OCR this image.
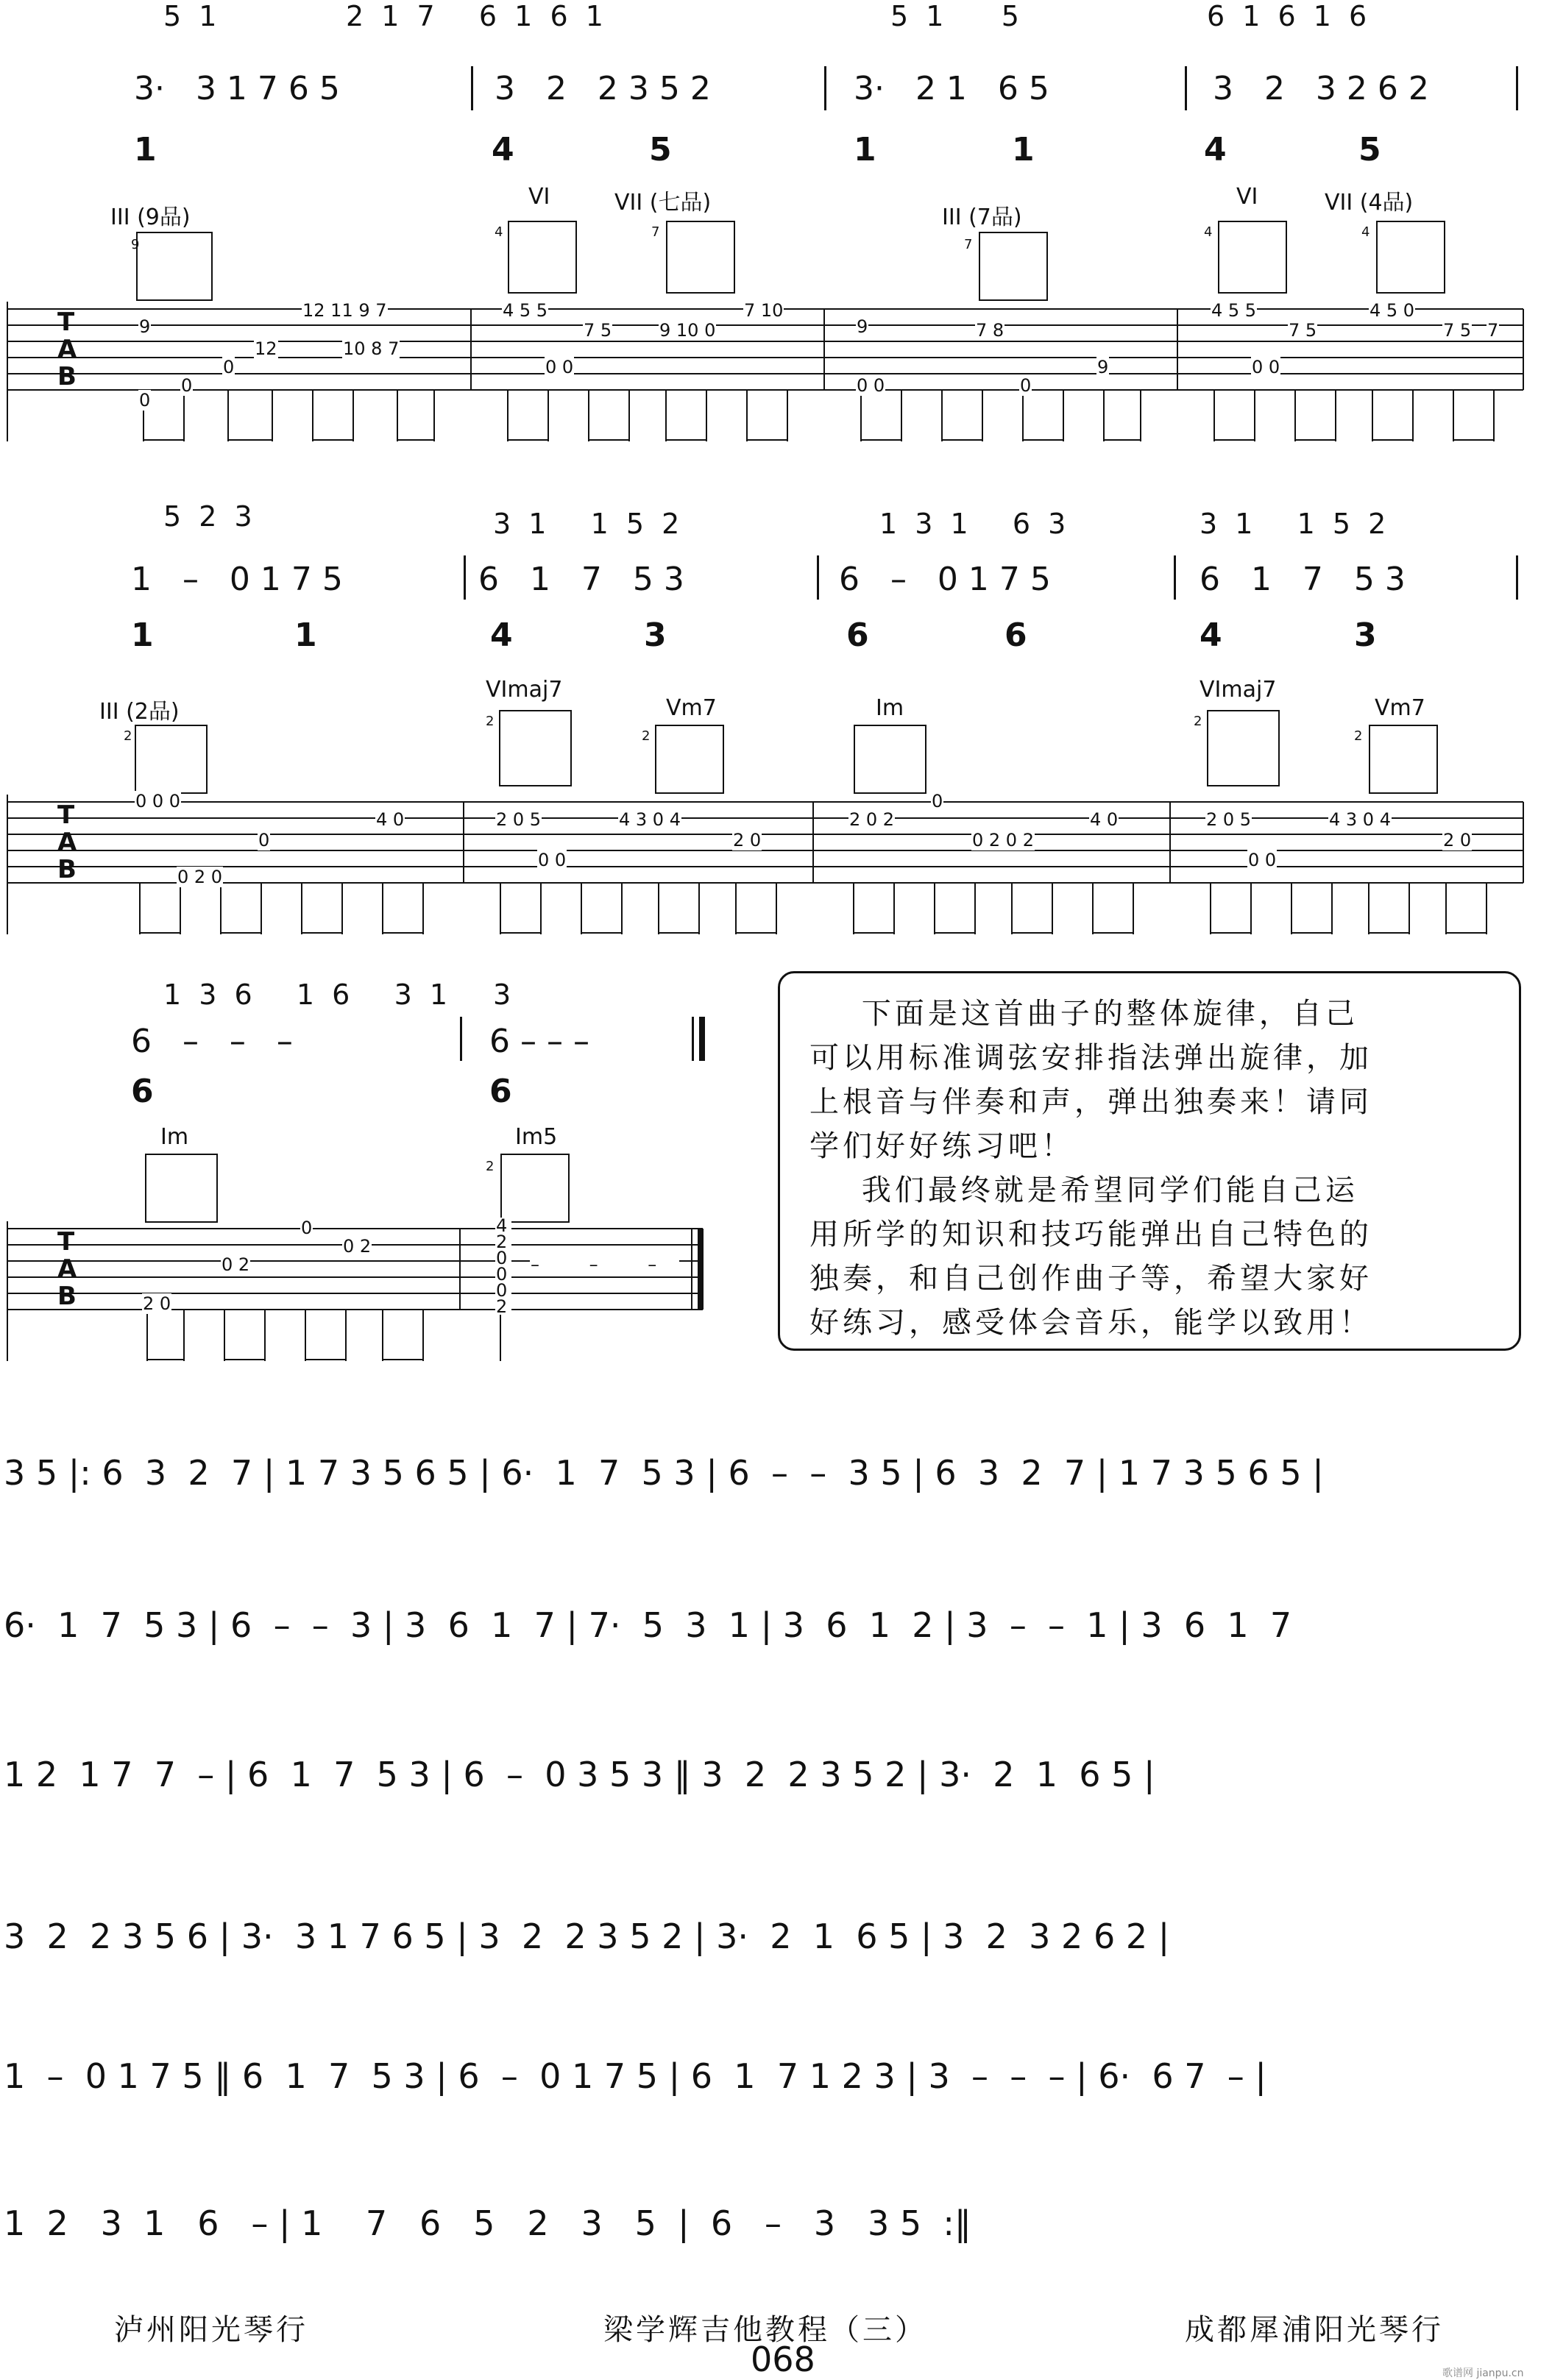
5 1	2 1 7   6 1 6 1	5 1    5	6 1 6 1 6
3·   3 1 7 6 5	3   2   2 3 5 2	3·   2 1   6 5	3   2   3 2 6 2
1	4	5	1	1	4	5
III (9品)
9
VI
4
VII (七品)
7
III (7品)
7
VI
4
VII (4品)
4
T
A
B
9
0
0
0
12
12 11 9 7
10 8 7
4 5 5
7 5
0 0
9 10 0
7 10
9
0 0
7 8
0
9
4 5 5
7 5
0 0
4 5 0
7 5 7
5 2 3	3 1   1 5 2	1 3 1   6 3	3 1   1 5 2
1   –   0 1 7 5	6   1   7   5 3	6   –   0 1 7 5	6   1   7   5 3
1	1	4	3	6	6	4	3
III (2品)
2
VImaj7
2
Vm7
2
Im
VImaj7
2
Vm7
2
T
A
B
0 0 0
0 2 0
0
4 0	2 0 5
0 0
4 3 0 4
2 0
2 0 2
0
0 2 0 2
4 0	2 0 5
0 0
4 3 0 4
2 0
1 3 6   1 6   3 1 3
6   –   –   –	6 – – –
6	6
Im	Im5
2
T
A
B	2 0
0 2
0 2
0	4 2 0 0 0 2
– – –

下面是这首曲子的整体旋律，自己

可以用标准调弦安排指法弹出旋律，加

上根音与伴奏和声，弹出独奏来！请同

学们好好练习吧！

我们最终就是希望同学们能自己运

用所学的知识和技巧能弹出自己特色的

独奏，和自己创作曲子等，希望大家好

好练习，感受体会音乐，能学以致用！

3 5 |: 6  3  2  7 | 1 7 3 5 6 5 | 6·  1  7  5 3 | 6  –  –  3 5 | 6  3  2  7 | 1 7 3 5 6 5 |
6·  1  7  5 3 | 6  –  –  3 | 3  6  1  7 | 7·  5  3  1 | 3  6  1  2 | 3  –  –  1 | 3  6  1  7
1 2  1 7  7  – | 6  1  7  5 3 | 6  –  0 3 5 3 ‖ 3  2  2 3 5 2 | 3·  2  1  6 5 |
3  2  2 3 5 6 | 3·  3 1 7 6 5 | 3  2  2 3 5 2 | 3·  2  1  6 5 | 3  2  3 2 6 2 |
1  –  0 1 7 5 ‖ 6  1  7  5 3 | 6  –  0 1 7 5 | 6  1  7 1 2 3 | 3  –  –  – | 6·  6 7  – |
1  2   3  1   6   – | 1    7   6   5   2   3   5  |  6   –   3   3 5  :‖
泸州阳光琴行	梁学辉吉他教程（三）	成都犀浦阳光琴行
068	歌谱网 jianpu.cn
